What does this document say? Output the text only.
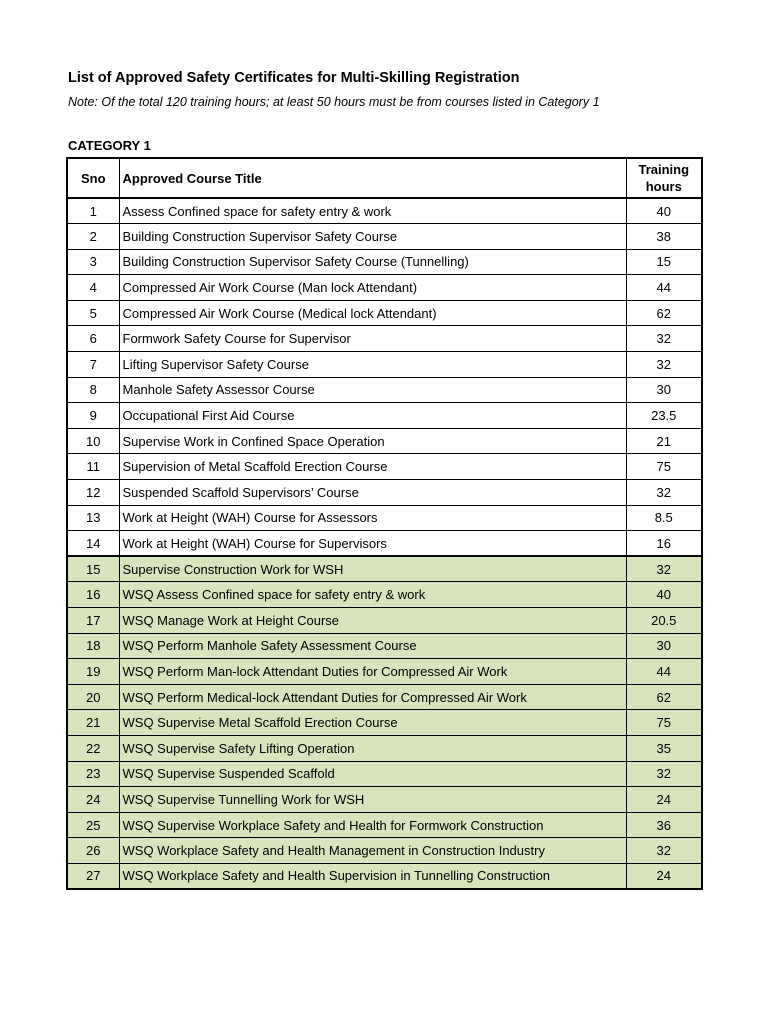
List of Approved Safety Certificates for Multi-Skilling Registration
Note: Of the total 120 training hours; at least 50 hours must be from courses listed in Category 1
CATEGORY 1
Sno	Approved Course Title	Training hours
1	Assess Confined space for safety entry & work	40
2	Building Construction Supervisor Safety Course	38
3	Building Construction Supervisor Safety Course (Tunnelling)	15
4	Compressed Air Work Course (Man lock Attendant)	44
5	Compressed Air Work Course (Medical lock Attendant)	62
6	Formwork Safety Course for Supervisor	32
7	Lifting Supervisor Safety Course	32
8	Manhole Safety Assessor Course	30
9	Occupational First Aid Course	23.5
10	Supervise Work in Confined Space Operation	21
11	Supervision of Metal Scaffold Erection Course	75
12	Suspended Scaffold Supervisors’ Course	32
13	Work at Height (WAH) Course for Assessors	8.5
14	Work at Height (WAH) Course for Supervisors	16
15	Supervise Construction Work for WSH	32
16	WSQ Assess Confined space for safety entry & work	40
17	WSQ Manage Work at Height Course	20.5
18	WSQ Perform Manhole Safety Assessment Course	30
19	WSQ Perform Man-lock Attendant Duties for Compressed Air Work	44
20	WSQ Perform Medical-lock Attendant Duties for Compressed Air Work	62
21	WSQ Supervise Metal Scaffold Erection Course	75
22	WSQ Supervise Safety Lifting Operation	35
23	WSQ Supervise Suspended Scaffold	32
24	WSQ Supervise Tunnelling Work for WSH	24
25	WSQ Supervise Workplace Safety and Health for Formwork Construction	36
26	WSQ Workplace Safety and Health Management in Construction Industry	32
27	WSQ Workplace Safety and Health Supervision in Tunnelling Construction	24
